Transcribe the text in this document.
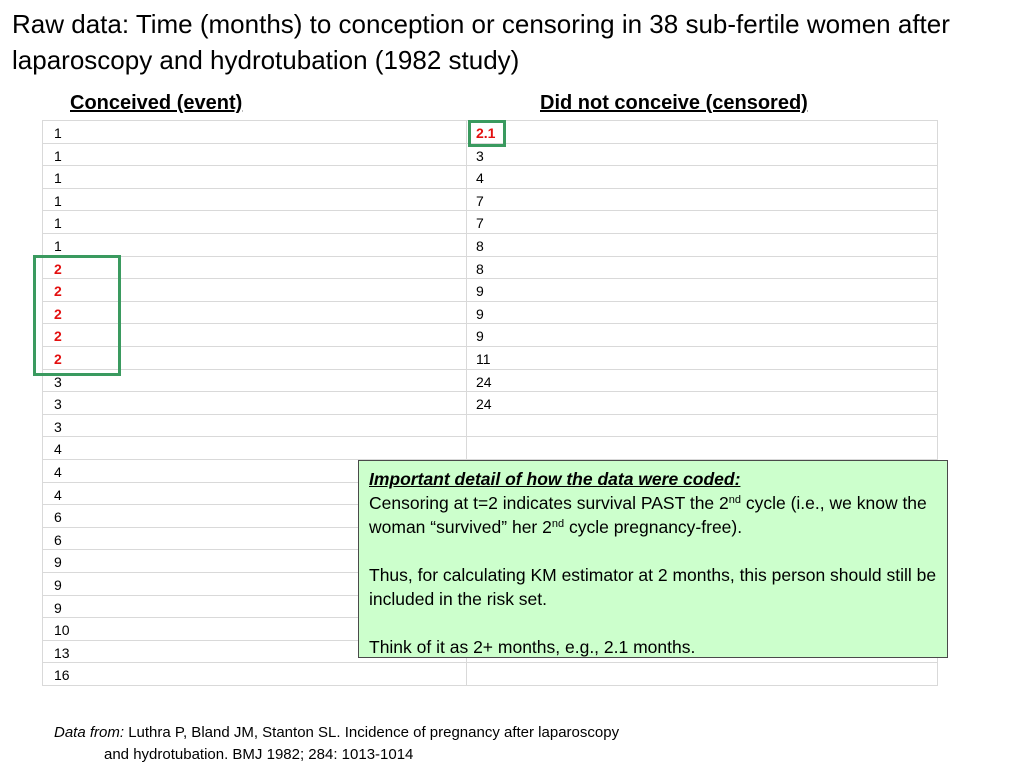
Raw data: Time (months) to conception or censoring in 38 sub-fertile women after laparoscopy and hydrotubation (1982 study)
Conceived (event)	Did not conceive (censored)
1
1
1
1
1
1
2
2
2
2
2
3
3
3
4
4
4
6
6
9
9
9
10
13
16
2.1
3
4
7
7
8
8
9
9
9
11
24
24
Important detail of how the data were coded:

Censoring at t=2 indicates survival PAST the 2nd cycle (i.e., we know the woman “survived” her 2nd cycle pregnancy-free).

Thus, for calculating KM estimator at 2 months, this person should still be included in the risk set.

Think of it as 2+ months, e.g., 2.1 months.

Data from: Luthra P, Bland JM, Stanton SL. Incidence of pregnancy after laparoscopy
and hydrotubation. BMJ 1982; 284: 1013-1014
